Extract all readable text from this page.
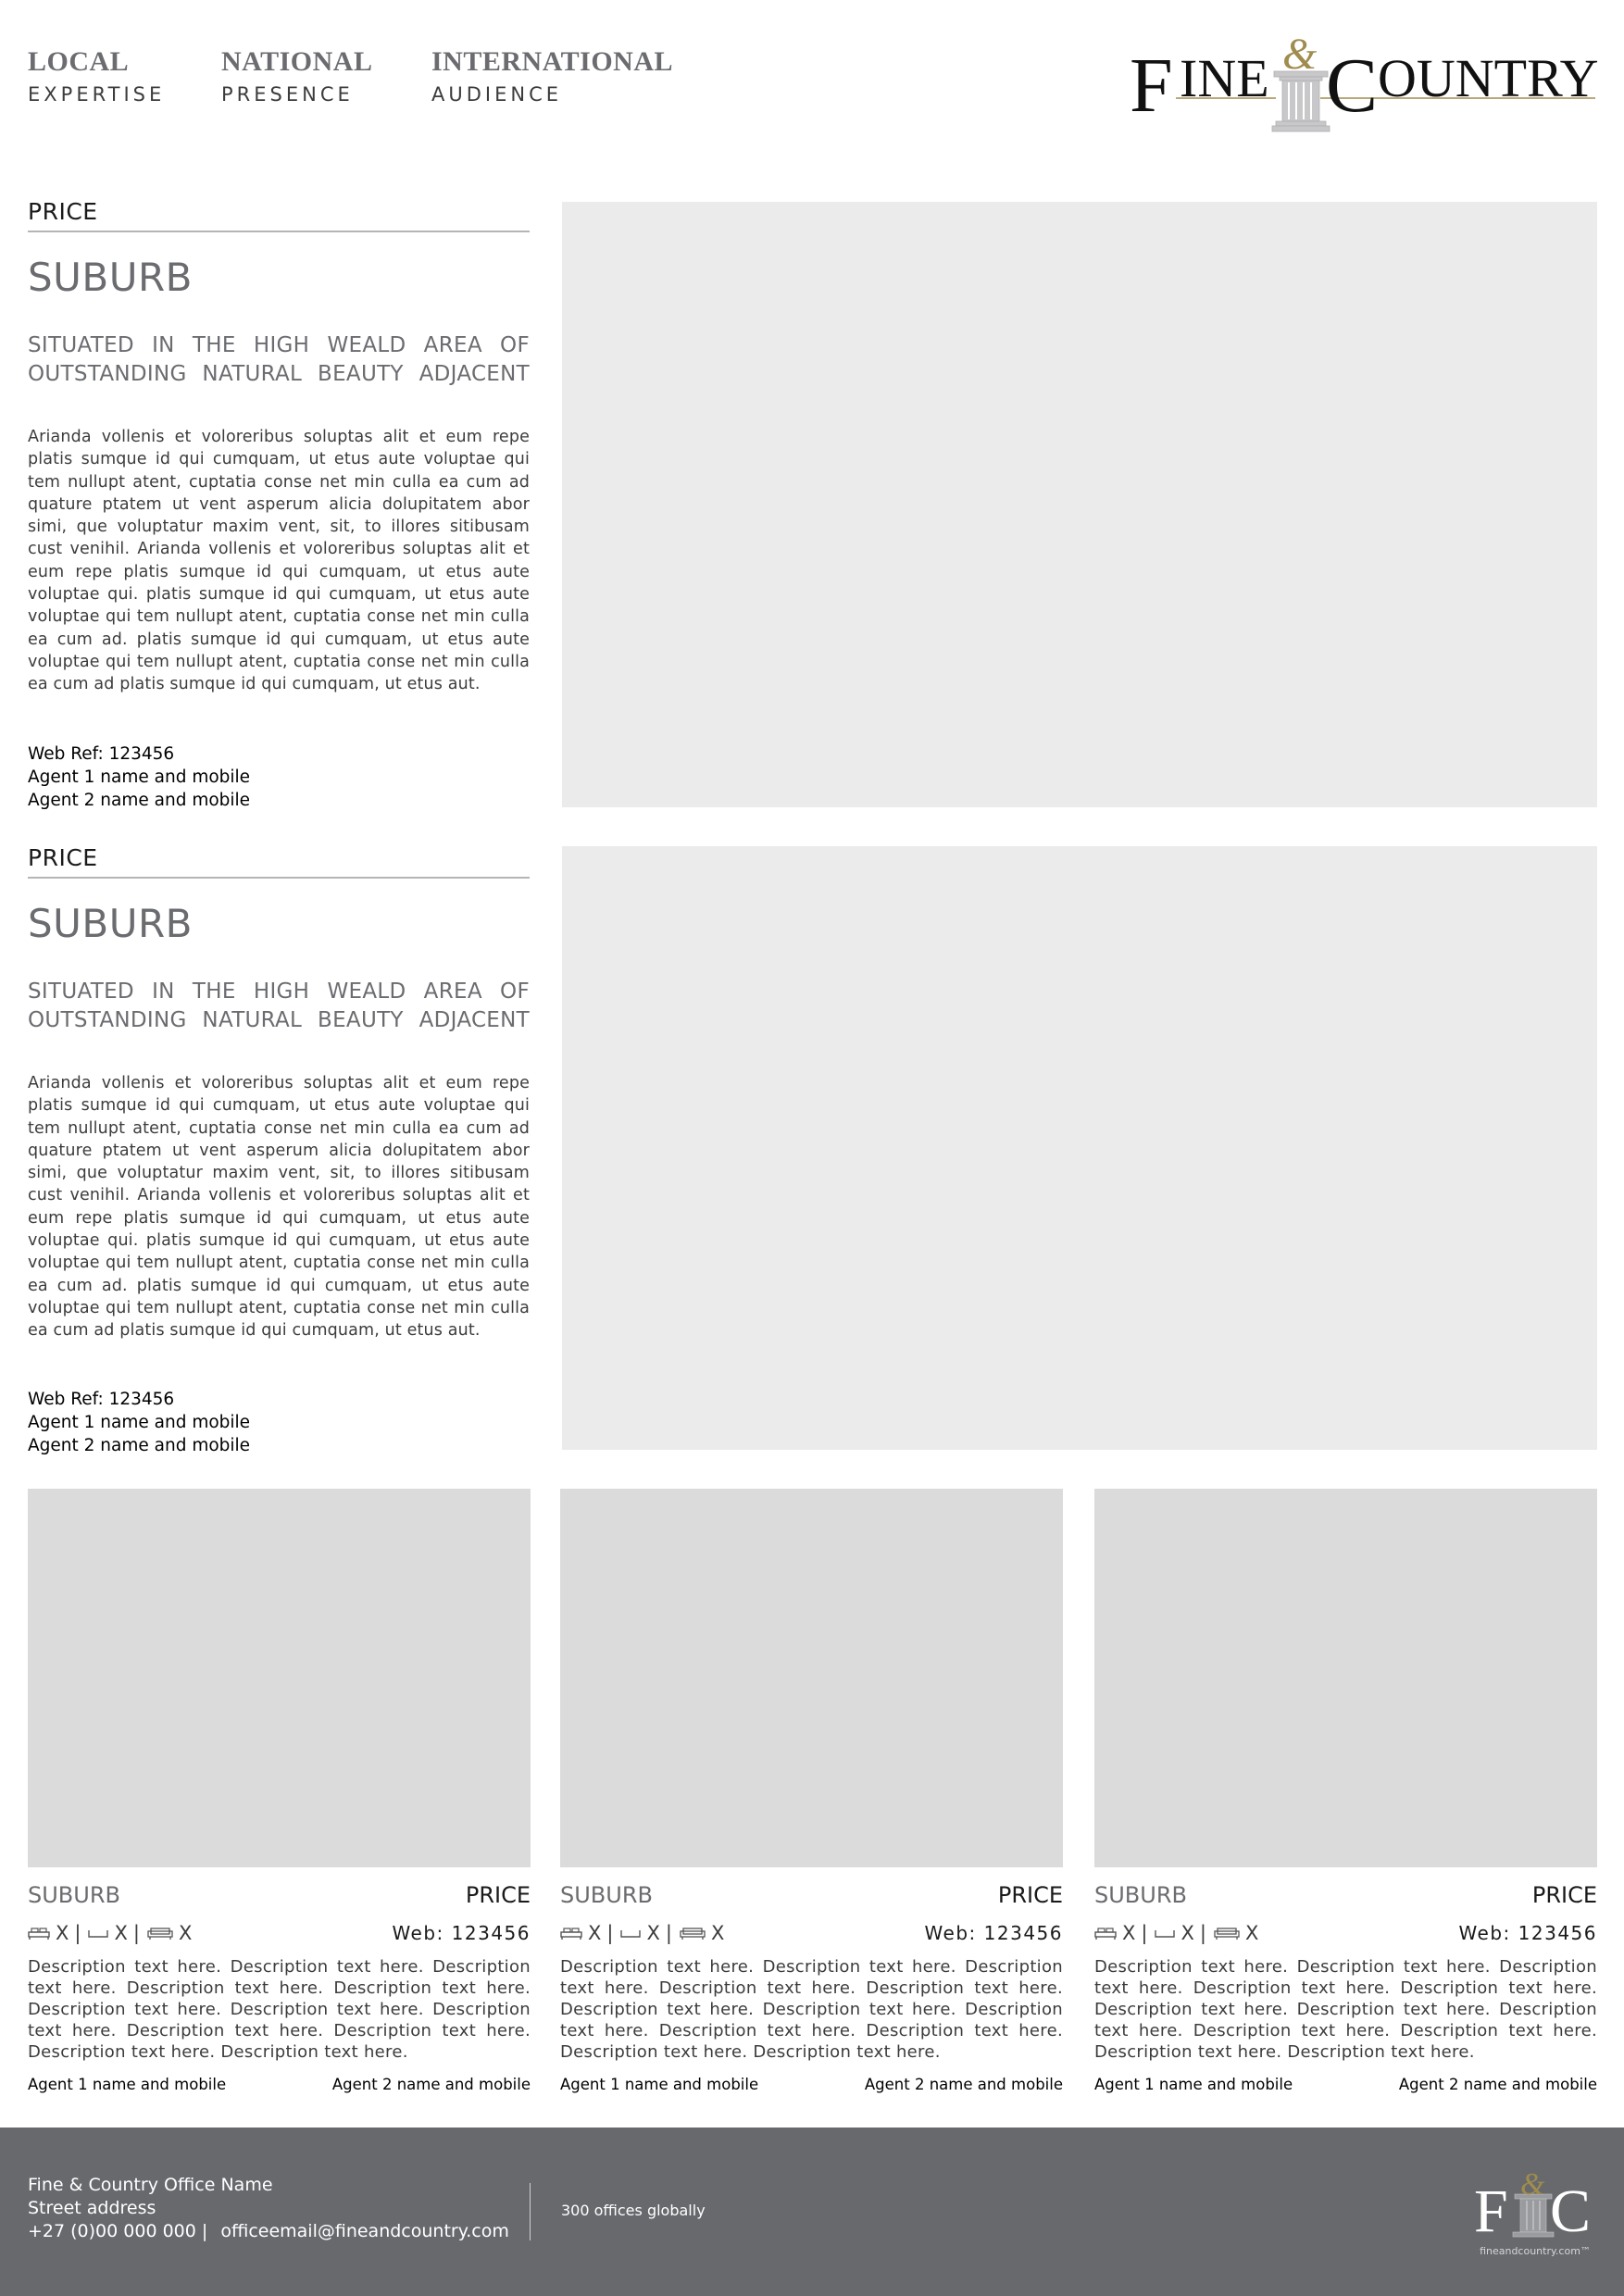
LOCAL
EXPERTISE
NATIONAL
PRESENCE
INTERNATIONAL
AUDIENCE	F INE & C OUNTRY
PRICE
SUBURB
SITUATED IN THE HIGH WEALD AREA OF OUTSTANDING NATURAL BEAUTY ADJACENT
Arianda vollenis et voloreribus soluptas alit et eum repe platis sumque id qui cumquam, ut etus aute voluptae qui tem nullupt atent, cuptatia conse net min culla ea cum ad quature ptatem ut vent asperum alicia dolupitatem abor simi, que voluptatur maxim vent, sit, to illores sitibusam cust venihil. Arianda vollenis et voloreribus soluptas alit et eum repe platis sumque id qui cumquam, ut etus aute voluptae qui. platis sumque id qui cumquam, ut etus aute voluptae qui tem nullupt atent, cuptatia conse net min culla ea cum ad. platis sumque id qui cumquam, ut etus aute voluptae qui tem nullupt atent, cuptatia conse net min culla ea cum ad platis sumque id qui cumquam, ut etus aut.
Web Ref: 123456
Agent 1 name and mobile
Agent 2 name and mobile
PRICE
SUBURB
SITUATED IN THE HIGH WEALD AREA OF OUTSTANDING NATURAL BEAUTY ADJACENT
Arianda vollenis et voloreribus soluptas alit et eum repe platis sumque id qui cumquam, ut etus aute voluptae qui tem nullupt atent, cuptatia conse net min culla ea cum ad quature ptatem ut vent asperum alicia dolupitatem abor simi, que voluptatur maxim vent, sit, to illores sitibusam cust venihil. Arianda vollenis et voloreribus soluptas alit et eum repe platis sumque id qui cumquam, ut etus aute voluptae qui. platis sumque id qui cumquam, ut etus aute voluptae qui tem nullupt atent, cuptatia conse net min culla ea cum ad. platis sumque id qui cumquam, ut etus aute voluptae qui tem nullupt atent, cuptatia conse net min culla ea cum ad platis sumque id qui cumquam, ut etus aut.
Web Ref: 123456
Agent 1 name and mobile
Agent 2 name and mobile
SUBURB	PRICE
X | X | X	Web: 123456
Description text here. Description text here. Description text here. Description text here. Description text here. Description text here. Description text here. Description text here. Description text here. Description text here. Description text here. Description text here.
Agent 1 name and mobile	Agent 2 name and mobile
SUBURB	PRICE
X | X | X	Web: 123456
Description text here. Description text here. Description text here. Description text here. Description text here. Description text here. Description text here. Description text here. Description text here. Description text here. Description text here. Description text here.
Agent 1 name and mobile	Agent 2 name and mobile
SUBURB	PRICE
X | X | X	Web: 123456
Description text here. Description text here. Description text here. Description text here. Description text here. Description text here. Description text here. Description text here. Description text here. Description text here. Description text here. Description text here.
Agent 1 name and mobile	Agent 2 name and mobile
Fine & Country Office Name
Street address
+27 (0)00 000 000 | officeemail@fineandcountry.com
300 offices globally	F & C
fineandcountry.com™
